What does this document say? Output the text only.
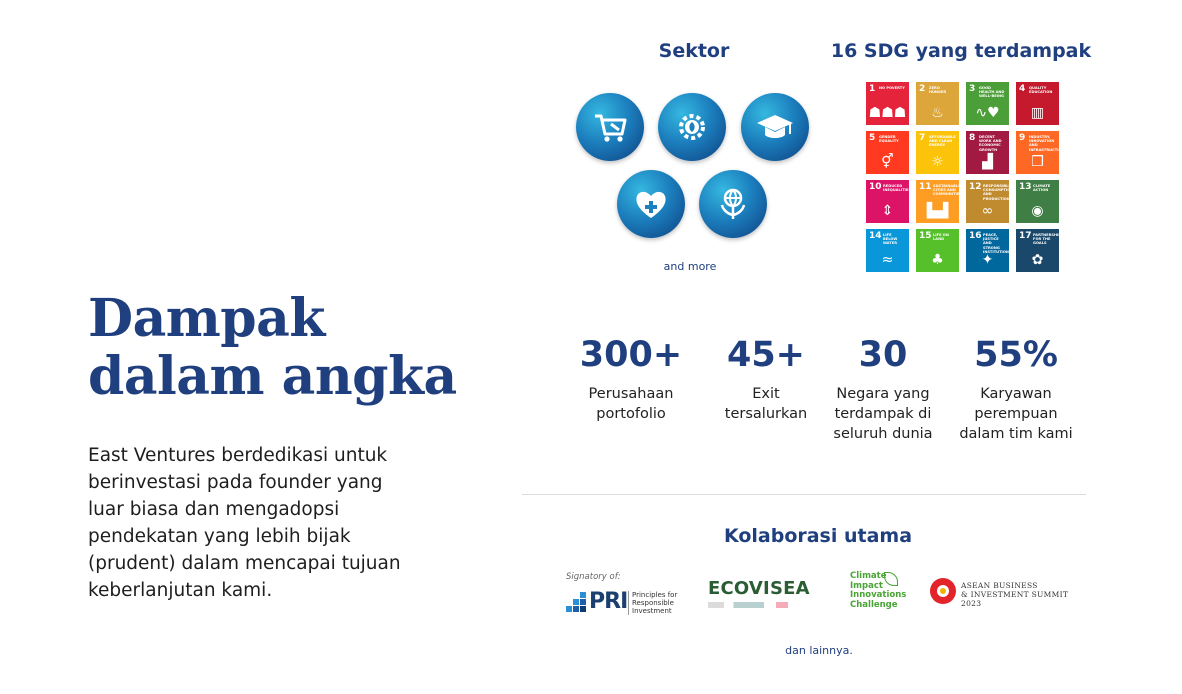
Dampak
dalam angka
East Ventures berdedikasi untuk berinvestasi pada founder yang luar biasa dan mengadopsi pendekatan yang lebih bijak (prudent) dalam mencapai tujuan keberlanjutan kami.
Sektor
and more
16 SDG yang terdampak
1 NO POVERTY
☗☗☗
2 ZERO HUNGER
♨
3 GOOD HEALTH AND WELL-BEING
∿♥
4 QUALITY EDUCATION
▥
5 GENDER EQUALITY
⚥
7 AFFORDABLE AND CLEAN ENERGY
☼
8 DECENT WORK AND ECONOMIC GROWTH
▟
9 INDUSTRY, INNOVATION AND INFRASTRUCTURE
❒
10 REDUCED INEQUALITIES
⇕
11 SUSTAINABLE CITIES AND COMMUNITIES
▙▟
12 RESPONSIBLE CONSUMPTION AND PRODUCTION
∞
13 CLIMATE ACTION
◉
14 LIFE BELOW WATER
≈
15 LIFE ON LAND
♣
16 PEACE, JUSTICE AND STRONG INSTITUTIONS
✦
17 PARTNERSHIPS FOR THE GOALS
✿
300+
Perusahaan
portofolio
45+
Exit
tersalurkan
30
Negara yang
terdampak di
seluruh dunia
55%
Karyawan
perempuan
dalam tim kami
Kolaborasi utama
Signatory of:
PRI Principles for
Responsible
Investment
ECOVISEA
Climate
Impact
Innovations
Challenge
ASEAN BUSINESS
& INVESTMENT SUMMIT 2023
dan lainnya.
